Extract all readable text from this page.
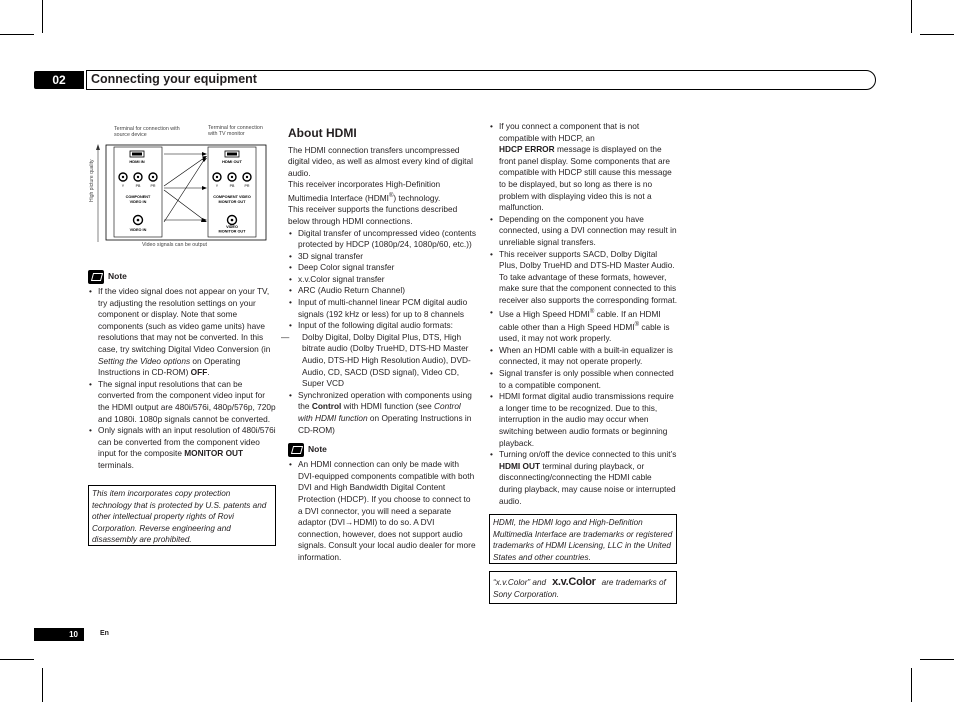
02	Connecting your equipment
Terminal for connection with source device
Terminal for connection with TV monitor
High picture quality	HDMI IN	HDMI OUT
Y	PB	PR
COMPONENT VIDEO IN
Y	PB	PR
COMPONENT VIDEO MONITOR OUT
VIDEO IN
VIDEO MONITOR OUT
Video signals can be output
Note
• If the video signal does not appear on your TV, try adjusting the resolution settings on your component or display. Note that some components (such as video game units) have resolutions that may not be converted. In this case, try switching Digital Video Conversion (in Setting the Video options on Operating Instructions in CD-ROM) OFF.
• The signal input resolutions that can be converted from the component video input for the HDMI output are 480i/576i, 480p/576p, 720p and 1080i. 1080p signals cannot be converted.
• Only signals with an input resolution of 480i/576i can be converted from the component video input for the composite MONITOR OUT terminals.
This item incorporates copy protection technology that is protected by U.S. patents and other intellectual property rights of Rovi Corporation. Reverse engineering and disassembly are prohibited.
About HDMI

The HDMI connection transfers uncompressed digital video, as well as almost every kind of digital audio.

This receiver incorporates High-Definition Multimedia Interface (HDMI®) technology.

This receiver supports the functions described below through HDMI connections.

• Digital transfer of uncompressed video (contents protected by HDCP (1080p/24, 1080p/60, etc.))
• 3D signal transfer
• Deep Color signal transfer
• x.v.Color signal transfer
• ARC (Audio Return Channel)
• Input of multi-channel linear PCM digital audio signals (192 kHz or less) for up to 8 channels
• Input of the following digital audio formats:
— Dolby Digital, Dolby Digital Plus, DTS, High bitrate audio (Dolby TrueHD, DTS-HD Master Audio, DTS-HD High Resolution Audio), DVD-Audio, CD, SACD (DSD signal), Video CD, Super VCD
• Synchronized operation with components using the Control with HDMI function (see Control with HDMI function on Operating Instructions in CD-ROM)
Note
• An HDMI connection can only be made with DVI-equipped components compatible with both DVI and High Bandwidth Digital Content Protection (HDCP). If you choose to connect to a DVI connector, you will need a separate adaptor (DVI→HDMI) to do so. A DVI connection, however, does not support audio signals. Consult your local audio dealer for more information.
• If you connect a component that is not compatible with HDCP, an
HDCP ERROR message is displayed on the front panel display. Some components that are compatible with HDCP still cause this message to be displayed, but so long as there is no problem with displaying video this is not a malfunction.
• Depending on the component you have connected, using a DVI connection may result in unreliable signal transfers.
• This receiver supports SACD, Dolby Digital Plus, Dolby TrueHD and DTS-HD Master Audio. To take advantage of these formats, however, make sure that the component connected to this receiver also supports the corresponding format.
• Use a High Speed HDMI® cable. If an HDMI cable other than a High Speed HDMI® cable is used, it may not work properly.
• When an HDMI cable with a built-in equalizer is connected, it may not operate properly.
• Signal transfer is only possible when connected to a compatible component.
• HDMI format digital audio transmissions require a longer time to be recognized. Due to this, interruption in the audio may occur when switching between audio formats or beginning playback.
• Turning on/off the device connected to this unit’s HDMI OUT terminal during playback, or disconnecting/connecting the HDMI cable during playback, may cause noise or interrupted audio.
HDMI, the HDMI logo and High-Definition Multimedia Interface are trademarks or registered trademarks of HDMI Licensing, LLC in the United States and other countries.
“x.v.Color” and x.v.Color are trademarks of Sony Corporation.
10	En
